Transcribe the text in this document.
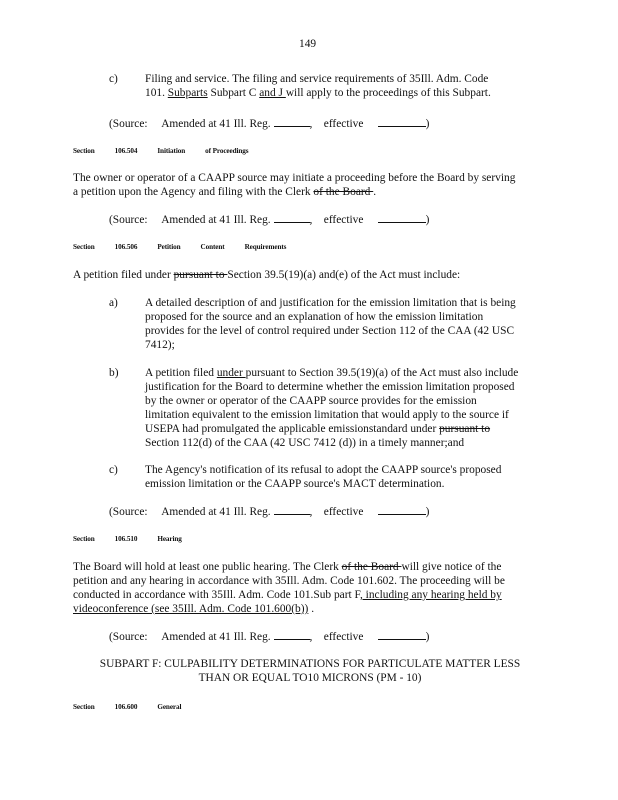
149
c) Filing and service. The filing and service requirements of 35Ill. Adm. Code
101. Subparts Subpart C and J will apply to the proceedings of this Subpart.
(Source: Amended at 41 Ill. Reg.	,    effective	)
Section	106.504	Initiation	of Proceedings
The owner or operator of a CAAPP source may initiate a proceeding before the Board by serving
a petition upon the Agency and filing with the Clerk of the Board .
(Source: Amended at 41 Ill. Reg.	,    effective	)
Section	106.506	Petition	Content	Requirements
A petition filed under pursuant to Section 39.5(19)(a) and(e) of the Act must include:
a) A detailed description of and justification for the emission limitation that is being
proposed for the source and an explanation of how the emission limitation
provides for the level of control required under Section 112 of the CAA (42 USC
7412);
b) A petition filed under pursuant to Section 39.5(19)(a) of the Act must also include
justification for the Board to determine whether the emission limitation proposed
by the owner or operator of the CAAPP source provides for the emission
limitation equivalent to the emission limitation that would apply to the source if
USEPA had promulgated the applicable emissionstandard under pursuant to
Section 112(d) of the CAA (42 USC 7412 (d)) in a timely manner;and
c) The Agency's notification of its refusal to adopt the CAAPP source's proposed
emission limitation or the CAAPP source's MACT determination.
(Source: Amended at 41 Ill. Reg.	,    effective	)
Section	106.510	Hearing
The Board will hold at least one public hearing. The Clerk of the Board will give notice of the
petition and any hearing in accordance with 35Ill. Adm. Code 101.602. The proceeding will be
conducted in accordance with 35Ill. Adm. Code 101.Sub part F, including any hearing held by
videoconference (see 35Ill. Adm. Code 101.600(b)) .
(Source: Amended at 41 Ill. Reg.	,    effective	)
SUBPART F: CULPABILITY DETERMINATIONS FOR PARTICULATE MATTER LESS
THAN OR EQUAL TO10 MICRONS (PM - 10)
Section	106.600	General
